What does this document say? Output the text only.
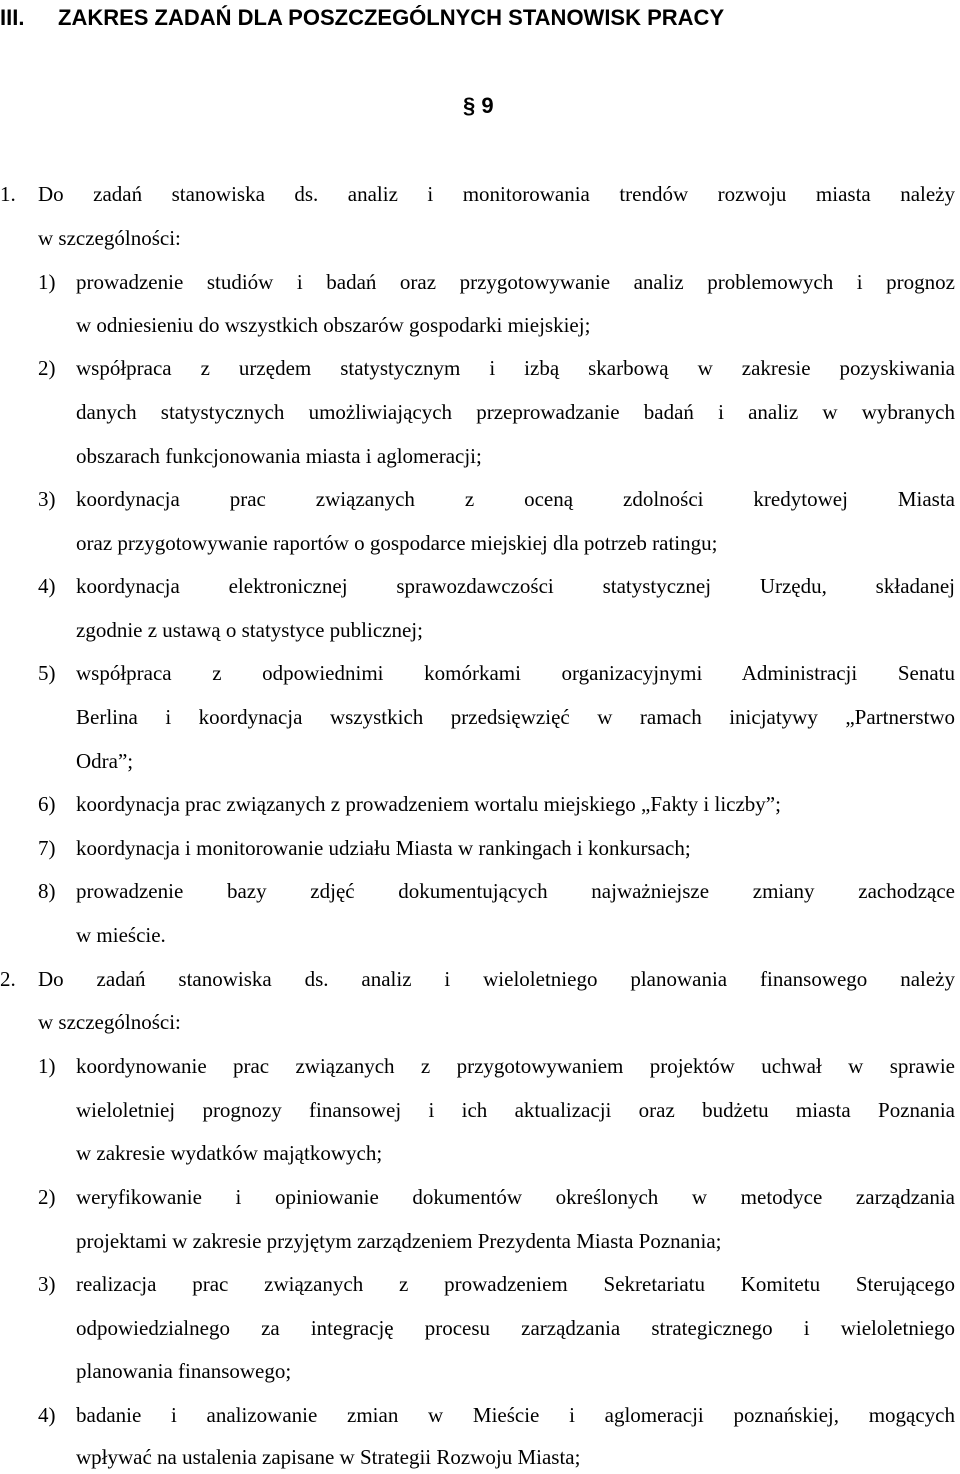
III. ZAKRES ZADAŃ DLA POSZCZEGÓLNYCH STANOWISK PRACY
§ 9
1. Do zadań stanowiska ds. analiz i monitorowania trendów rozwoju miasta należy
w szczególności:
1) prowadzenie studiów i badań oraz przygotowywanie analiz problemowych i prognoz
w odniesieniu do wszystkich obszarów gospodarki miejskiej;
2) współpraca z urzędem statystycznym i izbą skarbową w zakresie pozyskiwania
danych statystycznych umożliwiających przeprowadzanie badań i analiz w wybranych
obszarach funkcjonowania miasta i aglomeracji;
3) koordynacja prac związanych z oceną zdolności kredytowej Miasta
oraz przygotowywanie raportów o gospodarce miejskiej dla potrzeb ratingu;
4) koordynacja elektronicznej sprawozdawczości statystycznej Urzędu, składanej
zgodnie z ustawą o statystyce publicznej;
5) współpraca z odpowiednimi komórkami organizacyjnymi Administracji Senatu
Berlina i koordynacja wszystkich przedsięwzięć w ramach inicjatywy „Partnerstwo
Odra”;
6) koordynacja prac związanych z prowadzeniem wortalu miejskiego „Fakty i liczby”;
7) koordynacja i monitorowanie udziału Miasta w rankingach i konkursach;
8) prowadzenie bazy zdjęć dokumentujących najważniejsze zmiany zachodzące
w mieście.
2. Do zadań stanowiska ds. analiz i wieloletniego planowania finansowego należy
w szczególności:
1) koordynowanie prac związanych z przygotowywaniem projektów uchwał w sprawie
wieloletniej prognozy finansowej i ich aktualizacji oraz budżetu miasta Poznania
w zakresie wydatków majątkowych;
2) weryfikowanie i opiniowanie dokumentów określonych w metodyce zarządzania
projektami w zakresie przyjętym zarządzeniem Prezydenta Miasta Poznania;
3) realizacja prac związanych z prowadzeniem Sekretariatu Komitetu Sterującego
odpowiedzialnego za integrację procesu zarządzania strategicznego i wieloletniego
planowania finansowego;
4) badanie i analizowanie zmian w Mieście i aglomeracji poznańskiej, mogących
wpływać na ustalenia zapisane w Strategii Rozwoju Miasta;
